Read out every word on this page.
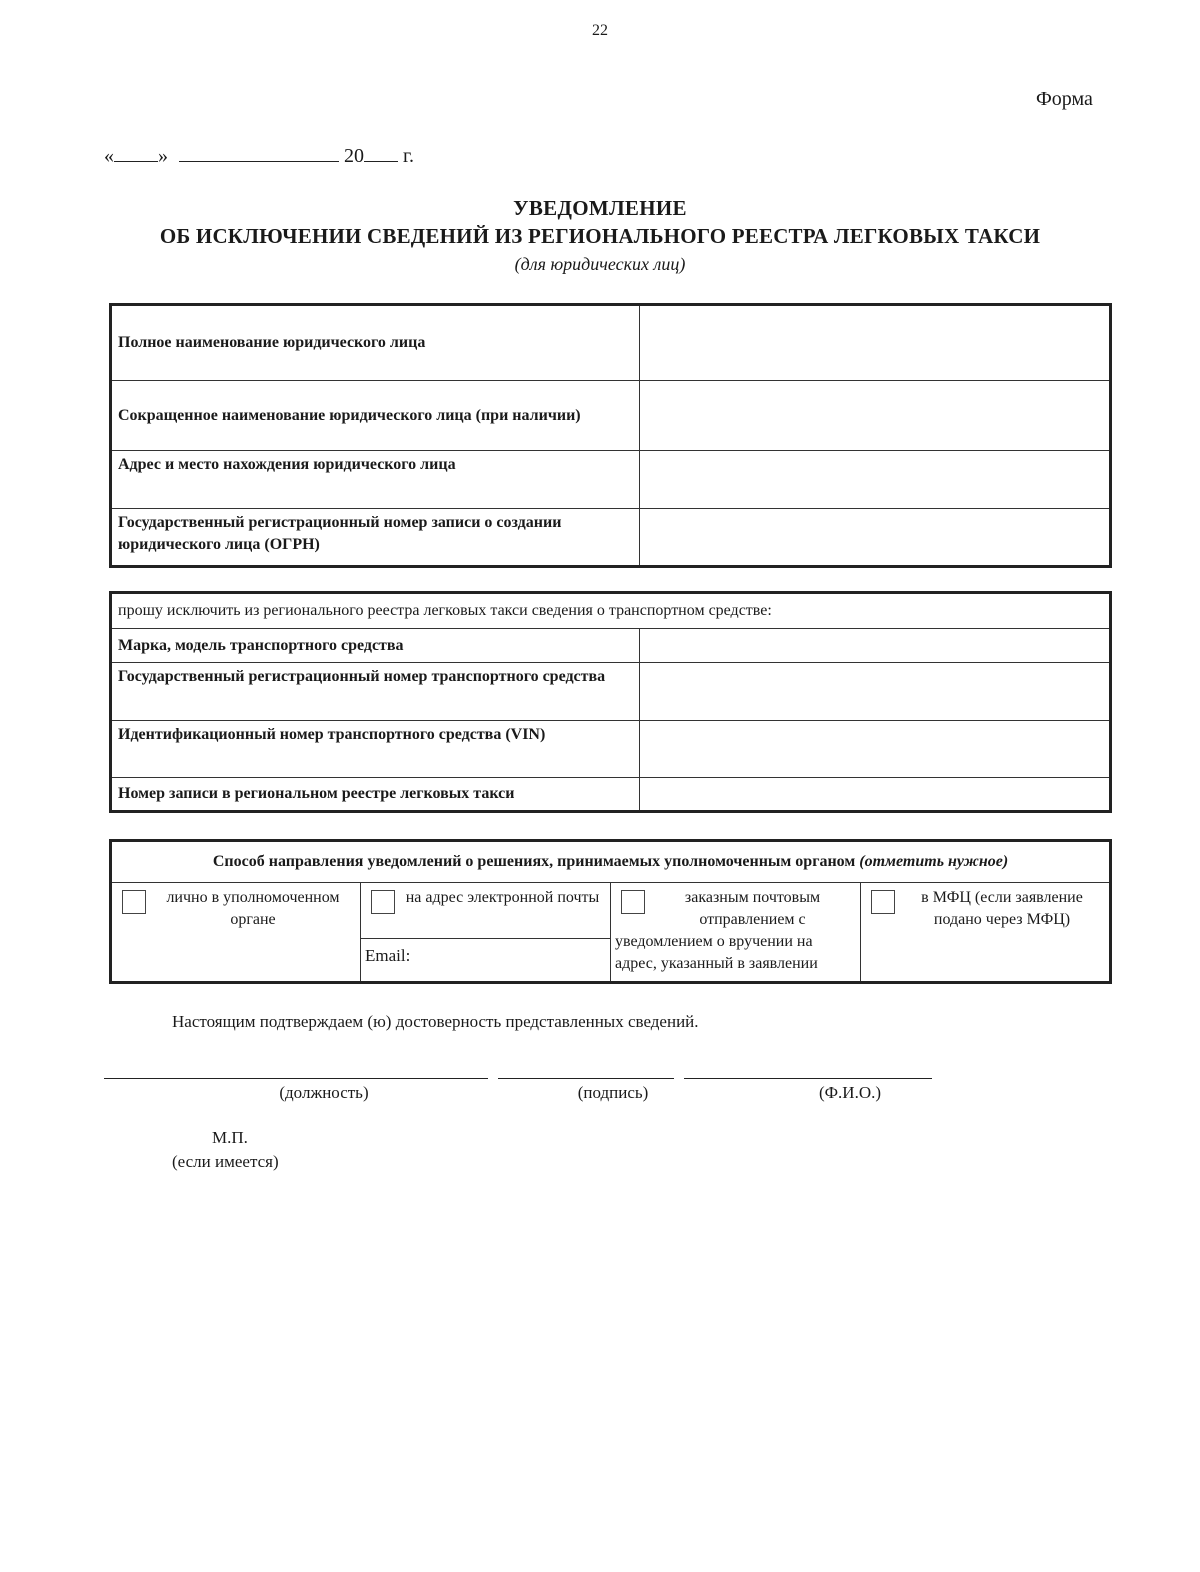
22
Форма
« »	20 г.
УВЕДОМЛЕНИЕ
ОБ ИСКЛЮЧЕНИИ СВЕДЕНИЙ ИЗ РЕГИОНАЛЬНОГО РЕЕСТРА ЛЕГКОВЫХ ТАКСИ
(для юридических лиц)
Полное наименование юридического лица	
Сокращенное наименование юридического лица (при наличии)	
Адрес и место нахождения юридического лица	
Государственный регистрационный номер записи о создании юридического лица (ОГРН)	
прошу исключить из регионального реестра легковых такси сведения о транспортном средстве:	
Марка, модель транспортного средства	
Государственный регистрационный номер транспортного средства	
Идентификационный номер транспортного средства (VIN)	
Номер записи в региональном реестре легковых такси	
Способ направления уведомлений о решениях, принимаемых уполномоченным органом (отметить нужное)

лично в уполномоченном органе

на адрес электронной почты
Email:

заказным почтовым отправлением с
уведомлением о вручении на адрес, указанный в заявлении

в МФЦ (если заявление подано через МФЦ)
Настоящим подтверждаем (ю) достоверность представленных сведений.
(должность)	(подпись)	(Ф.И.О.)
М.П.
(если имеется)
